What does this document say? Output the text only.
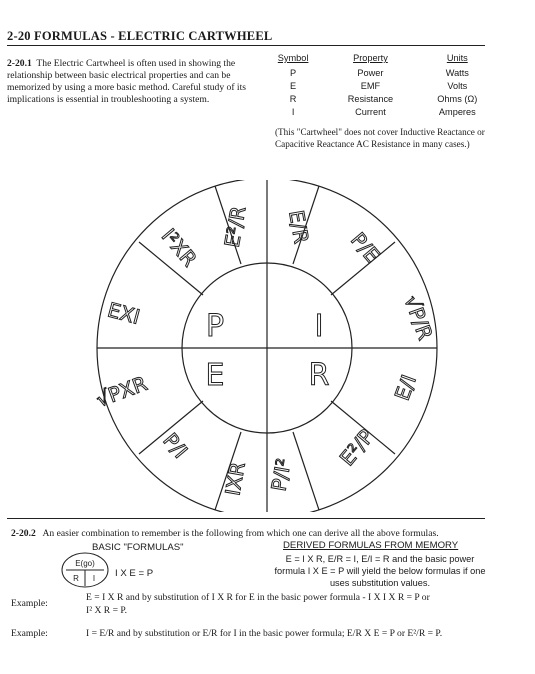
2-20 FORMULAS - ELECTRIC CARTWHEEL
2-20.1 The Electric Cartwheel is often used in showing the relationship between basic electrical properties and can be memorized by using a more basic method. Careful study of its implications is essential in troubleshooting a system.
Symbol	Property	Units
P	Power	Watts
E	EMF	Volts
R	Resistance	Ohms (Ω)
I	Current	Amperes
(This "Cartwheel" does not cover Inductive Reactance or Capacitive Reactance AC Resistance in many cases.)
P	I
E	R
E²/R
I²XR
EXI
E/R
P/E
√P/R
√PXR
P/I
IXR
E/I
E²/P
P/I²
2-20.2 An easier combination to remember is the following from which one can derive all the above formulas.
BASIC "FORMULAS"	DERIVED FORMULAS FROM MEMORY
E(go)
R I I X E = P
E = I X R, E/R = I, E/I = R and the basic power formula I X E = P will yield the below formulas if one uses substitution values.
Example:
E = I X R and by substitution of I X R for E in the basic power formula - I X I X R = P or
I² X R = P.
Example:	I = E/R and by substitution or E/R for I in the basic power formula; E/R X E = P or E²/R = P.
